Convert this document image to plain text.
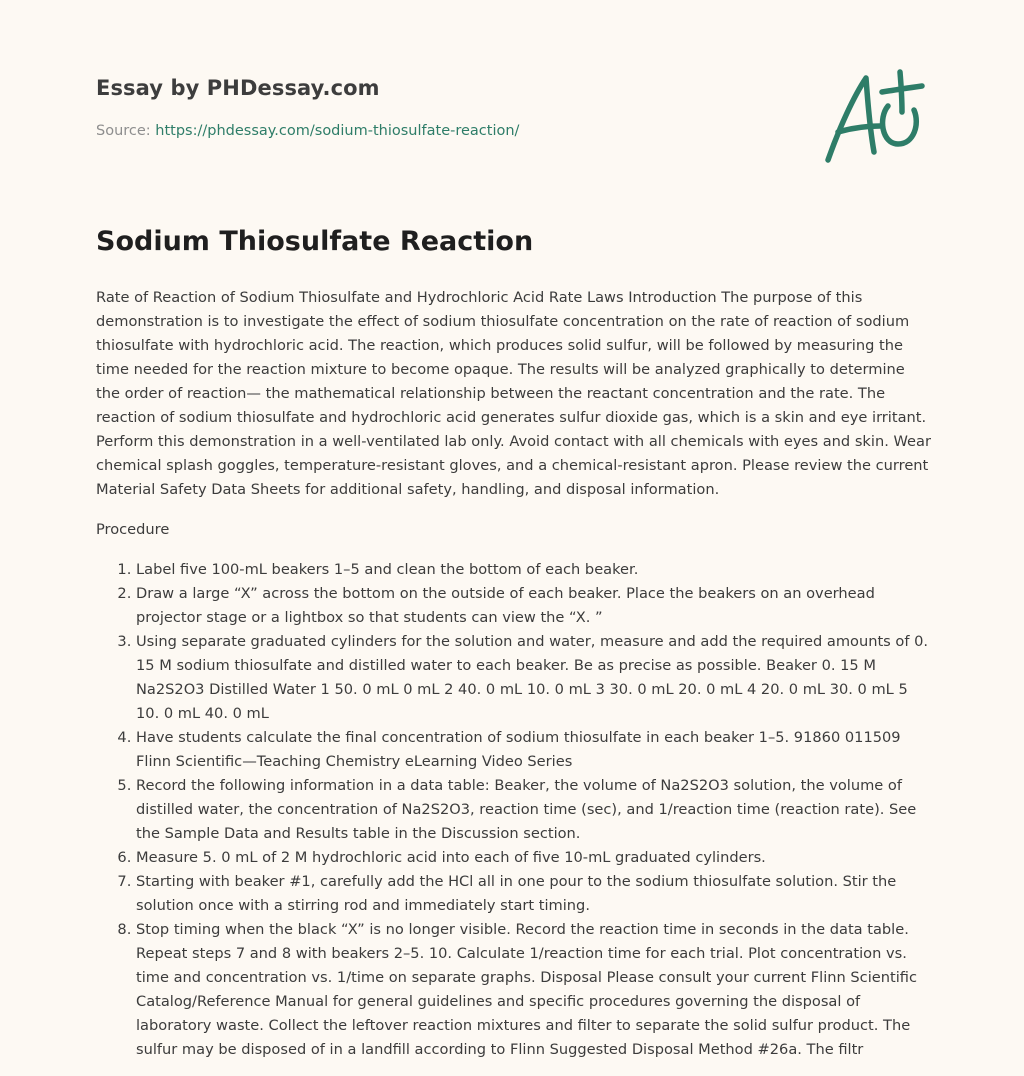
Essay by PHDessay.com
Source: https://phdessay.com/sodium-thiosulfate-reaction/
Sodium Thiosulfate Reaction

Rate of Reaction of Sodium Thiosulfate and Hydrochloric Acid Rate Laws Introduction The purpose of this demonstration is to investigate the effect of sodium thiosulfate concentration on the rate of reaction of sodium thiosulfate with hydrochloric acid. The reaction, which produces solid sulfur, will be followed by measuring the time needed for the reaction mixture to become opaque. The results will be analyzed graphically to determine the order of reaction— the mathematical relationship between the reactant concentration and the rate. The reaction of sodium thiosulfate and hydrochloric acid generates sulfur dioxide gas, which is a skin and eye irritant. Perform this demonstration in a well-ventilated lab only. Avoid contact with all chemicals with eyes and skin. Wear chemical splash goggles, temperature-resistant gloves, and a chemical-resistant apron. Please review the current Material Safety Data Sheets for additional safety, handling, and disposal information.

Procedure

1. Label five 100-mL beakers 1–5 and clean the bottom of each beaker.
2. Draw a large “X” across the bottom on the outside of each beaker. Place the beakers on an overhead projector stage or a lightbox so that students can view the “X. ”
3. Using separate graduated cylinders for the solution and water, measure and add the required amounts of 0. 15 M sodium thiosulfate and distilled water to each beaker. Be as precise as possible. Beaker 0. 15 M Na2S2O3 Distilled Water 1 50. 0 mL 0 mL 2 40. 0 mL 10. 0 mL 3 30. 0 mL 20. 0 mL 4 20. 0 mL 30. 0 mL 5 10. 0 mL 40. 0 mL
4. Have students calculate the final concentration of sodium thiosulfate in each beaker 1–5. 91860 011509 Flinn Scientific—Teaching Chemistry eLearning Video Series
5. Record the following information in a data table: Beaker, the volume of Na2S2O3 solution, the volume of distilled water, the concentration of Na2S2O3, reaction time (sec), and 1/reaction time (reaction rate). See the Sample Data and Results table in the Discussion section.
6. Measure 5. 0 mL of 2 M hydrochloric acid into each of five 10-mL graduated cylinders.
7. Starting with beaker #1, carefully add the HCl all in one pour to the sodium thiosulfate solution. Stir the solution once with a stirring rod and immediately start timing.
8. Stop timing when the black “X” is no longer visible. Record the reaction time in seconds in the data table. Repeat steps 7 and 8 with beakers 2–5. 10. Calculate 1/reaction time for each trial. Plot concentration vs. time and concentration vs. 1/time on separate graphs. Disposal Please consult your current Flinn Scientific Catalog/Reference Manual for general guidelines and specific procedures governing the disposal of laboratory waste. Collect the leftover reaction mixtures and filter to separate the solid sulfur product. The sulfur may be disposed of in a landfill according to Flinn Suggested Disposal Method #26a. The filtr
